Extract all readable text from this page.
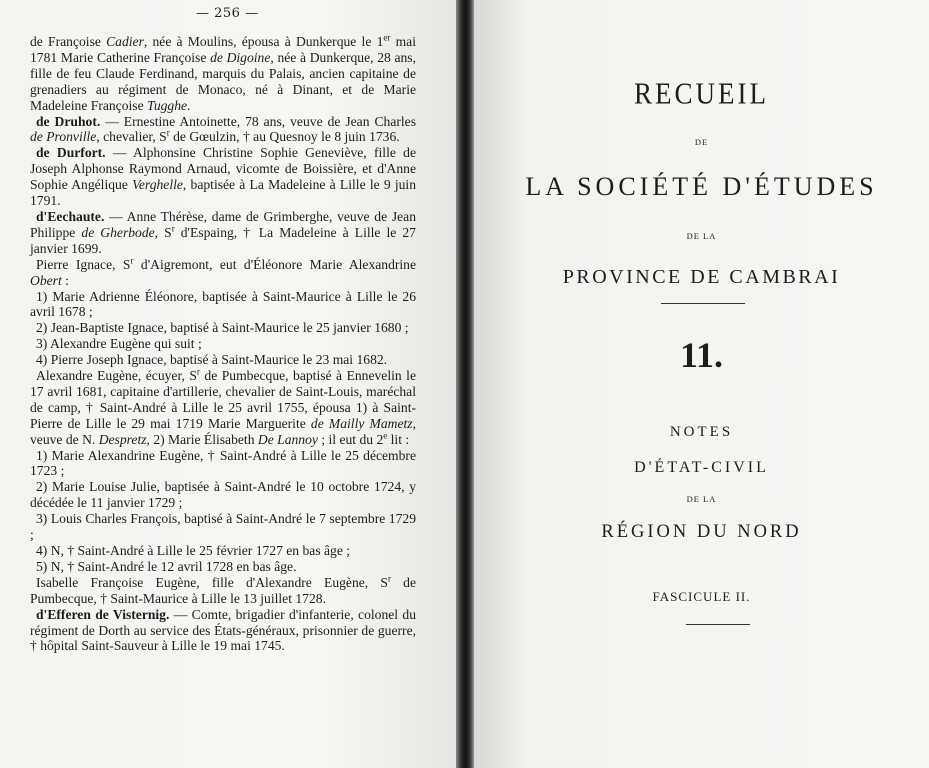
— 256 —

de Françoise Cadier, née à Moulins, épousa à Dunkerque le 1er mai 1781 Marie Catherine Françoise de Digoine, née à Dunkerque, 28 ans, fille de feu Claude Ferdinand, marquis du Palais, ancien capitaine de grenadiers au régiment de Monaco, né à Dinant, et de Marie Madeleine Françoise Tugghe.

de Druhot. — Ernestine Antoinette, 78 ans, veuve de Jean Charles de Pronville, chevalier, $S^r$ de Gœulzin, † au Quesnoy le 8 juin 1736.

de Durfort. — Alphonsine Christine Sophie Geneviève, fille de Joseph Alphonse Raymond Arnaud, vicomte de Boissière, et d'Anne Sophie Angélique Verghelle, baptisée à La Madeleine à Lille le 9 juin 1791.

d'Eechaute. — Anne Thérèse, dame de Grimberghe, veuve de Jean Philippe de Gherbode, $S^r$ d'Espaing, † La Madeleine à Lille le 27 janvier 1699.

Pierre Ignace, $S^r$ d'Aigremont, eut d'Éléonore Marie Alexandrine Obert :

1) Marie Adrienne Éléonore, baptisée à Saint-Maurice à Lille le 26 avril 1678 ;

2) Jean-Baptiste Ignace, baptisé à Saint-Maurice le 25 janvier 1680 ;

3) Alexandre Eugène qui suit ;

4) Pierre Joseph Ignace, baptisé à Saint-Maurice le 23 mai 1682.

Alexandre Eugène, écuyer, $S^r$ de Pumbecque, baptisé à Ennevelin le 17 avril 1681, capitaine d'artillerie, chevalier de Saint-Louis, maréchal de camp, † Saint-André à Lille le 25 avril 1755, épousa 1) à Saint-Pierre de Lille le 29 mai 1719 Marie Marguerite de Mailly Mametz, veuve de N. Despretz, 2) Marie Élisabeth De Lannoy ; il eut du 2e lit :

1) Marie Alexandrine Eugène, † Saint-André à Lille le 25 décembre 1723 ;

2) Marie Louise Julie, baptisée à Saint-André le 10 octobre 1724, y décédée le 11 janvier 1729 ;

3) Louis Charles François, baptisé à Saint-André le 7 septembre 1729 ;

4) N, † Saint-André à Lille le 25 février 1727 en bas âge ;

5) N, † Saint-André le 12 avril 1728 en bas âge.

Isabelle Françoise Eugène, fille d'Alexandre Eugène, $S^r$ de Pumbecque, † Saint-Maurice à Lille le 13 juillet 1728.

d'Efferen de Visternig. — Comte, brigadier d'infanterie, colonel du régiment de Dorth au service des États-généraux, prisonnier de guerre, † hôpital Saint-Sauveur à Lille le 19 mai 1745.

RECUEIL
DE
LA SOCIÉTÉ D'ÉTUDES
DE LA
PROVINCE DE CAMBRAI
11.
NOTES
D'ÉTAT-CIVIL
DE LA
RÉGION DU NORD
FASCICULE II.
